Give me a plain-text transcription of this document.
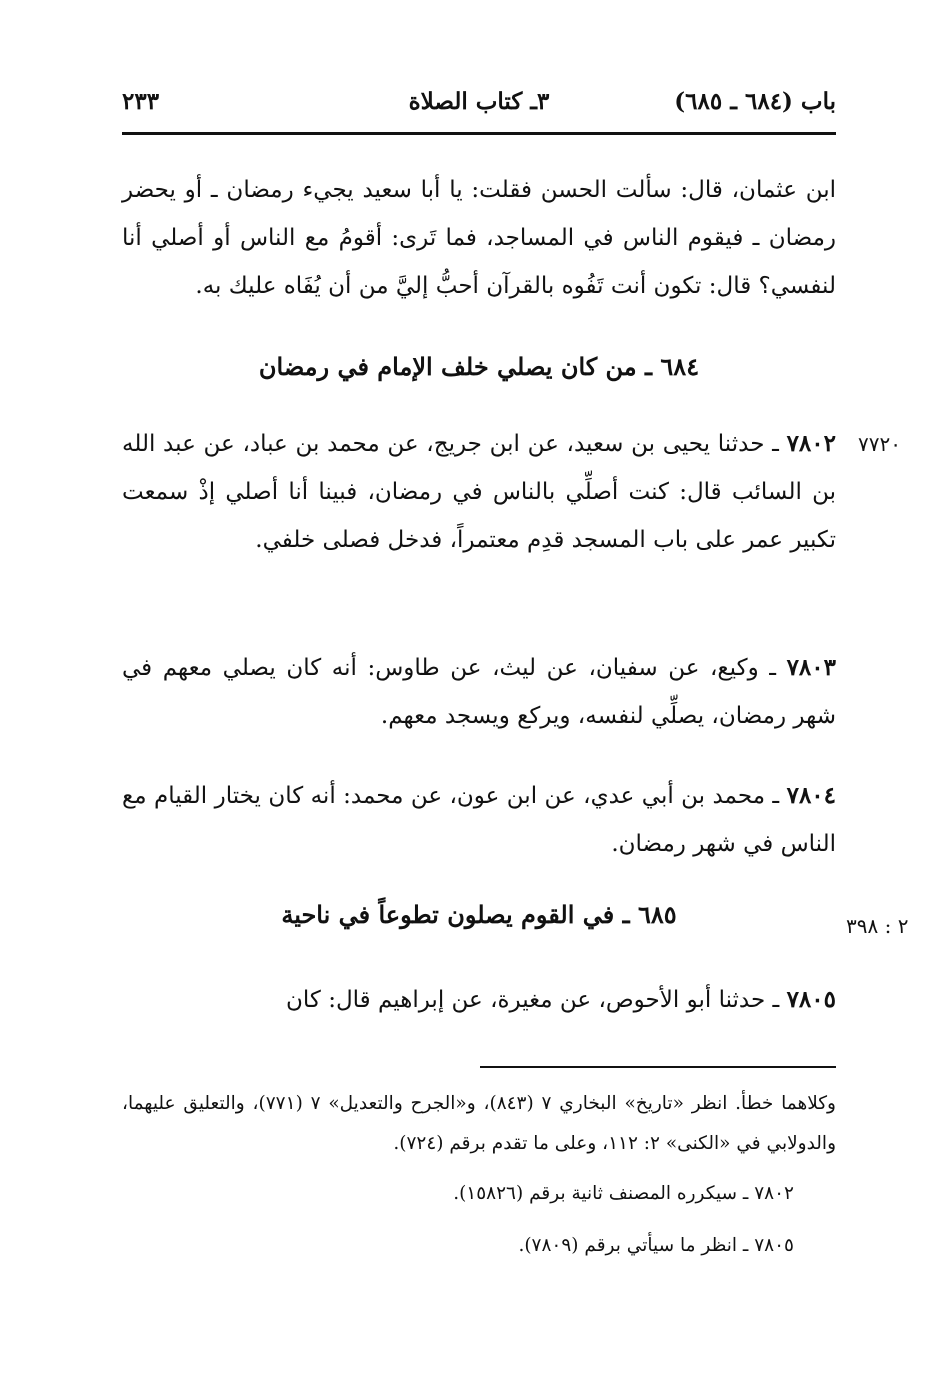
باب (٦٨٤ ـ ٦٨٥)
٣ـ كتاب الصلاة
٢٣٣

ابن عثمان، قال: سألت الحسن فقلت: يا أبا سعيد يجيء رمضان ـ أو يحضر رمضان ـ فيقوم الناس في المساجد، فما تَرى: أقومُ مع الناس أو أصلي أنا لنفسي؟ قال: تكون أنت تَفُوه بالقرآن أحبُّ إليَّ من أن يُفَاه عليك به.

٦٨٤ ـ من كان يصلي خلف الإمام في رمضان
٧٧٢٠

٧٨٠٢ ـ حدثنا يحيى بن سعيد، عن ابن جريج، عن محمد بن عباد، عن عبد الله بن السائب قال: كنت أصلِّي بالناس في رمضان، فبينا أنا أصلي إذْ سمعت تكبير عمر على باب المسجد قدِم معتمراً، فدخل فصلى خلفي.

٧٨٠٣ ـ وكيع، عن سفيان، عن ليث، عن طاوس: أنه كان يصلي معهم في شهر رمضان، يصلِّي لنفسه، ويركع ويسجد معهم.

٧٨٠٤ ـ محمد بن أبي عدي، عن ابن عون، عن محمد: أنه كان يختار القيام مع الناس في شهر رمضان.

٢ : ٣٩٨
٦٨٥ ـ في القوم يصلون تطوعاً في ناحية

٧٨٠٥ ـ حدثنا أبو الأحوص، عن مغيرة، عن إبراهيم قال: كان

وكلاهما خطأ. انظر «تاريخ» البخاري ٧ (٨٤٣)، و«الجرح والتعديل» ٧ (٧٧١)، والتعليق عليهما، والدولابي في «الكنى» ٢: ١١٢، وعلى ما تقدم برقم (٧٢٤).

٧٨٠٢ ـ سيكرره المصنف ثانية برقم (١٥٨٢٦).

٧٨٠٥ ـ انظر ما سيأتي برقم (٧٨٠٩).
